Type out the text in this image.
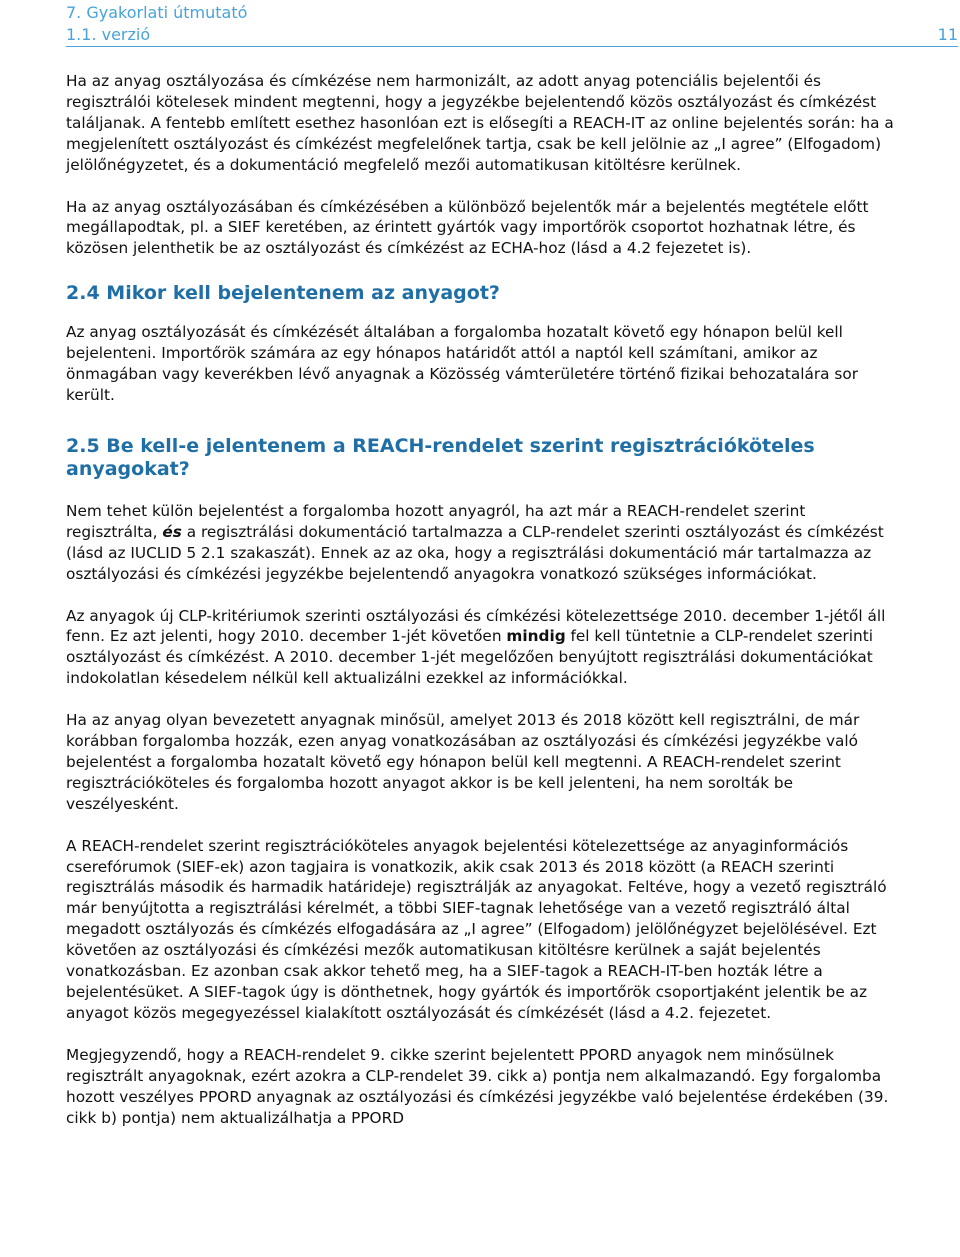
7. Gyakorlati útmutató
1.1. verzió	11

Ha az anyag osztályozása és címkézése nem harmonizált, az adott anyag potenciális bejelentői és regisztrálói kötelesek mindent megtenni, hogy a jegyzékbe bejelentendő közös osztályozást és címkézést találjanak. A fentebb említett esethez hasonlóan ezt is elősegíti a REACH-IT az online bejelentés során: ha a megjelenített osztályozást és címkézést megfelelőnek tartja, csak be kell jelölnie az „I agree” (Elfogadom) jelölőnégyzetet, és a dokumentáció megfelelő mezői automatikusan kitöltésre kerülnek.

Ha az anyag osztályozásában és címkézésében a különböző bejelentők már a bejelentés megtétele előtt megállapodtak, pl. a SIEF keretében, az érintett gyártók vagy importőrök csoportot hozhatnak létre, és közösen jelenthetik be az osztályozást és címkézést az ECHA-hoz (lásd a 4.2 fejezetet is).

2.4 Mikor kell bejelentenem az anyagot?

Az anyag osztályozását és címkézését általában a forgalomba hozatalt követő egy hónapon belül kell bejelenteni. Importőrök számára az egy hónapos határidőt attól a naptól kell számítani, amikor az önmagában vagy keverékben lévő anyagnak a Közösség vámterületére történő fizikai behozatalára sor került.

2.5 Be kell-e jelentenem a REACH-rendelet szerint regisztrációköteles anyagokat?

Nem tehet külön bejelentést a forgalomba hozott anyagról, ha azt már a REACH-rendelet szerint regisztrálta, és a regisztrálási dokumentáció tartalmazza a CLP-rendelet szerinti osztályozást és címkézést (lásd az IUCLID 5 2.1 szakaszát). Ennek az az oka, hogy a regisztrálási dokumentáció már tartalmazza az osztályozási és címkézési jegyzékbe bejelentendő anyagokra vonatkozó szükséges információkat.

Az anyagok új CLP-kritériumok szerinti osztályozási és címkézési kötelezettsége 2010. december 1-jétől áll fenn. Ez azt jelenti, hogy 2010. december 1-jét követően mindig fel kell tüntetnie a CLP-rendelet szerinti osztályozást és címkézést. A 2010. december 1-jét megelőzően benyújtott regisztrálási dokumentációkat indokolatlan késedelem nélkül kell aktualizálni ezekkel az információkkal.

Ha az anyag olyan bevezetett anyagnak minősül, amelyet 2013 és 2018 között kell regisztrálni, de már korábban forgalomba hozzák, ezen anyag vonatkozásában az osztályozási és címkézési jegyzékbe való bejelentést a forgalomba hozatalt követő egy hónapon belül kell megtenni. A REACH-rendelet szerint regisztrációköteles és forgalomba hozott anyagot akkor is be kell jelenteni, ha nem sorolták be veszélyesként.

A REACH-rendelet szerint regisztrációköteles anyagok bejelentési kötelezettsége az anyaginformációs cserefórumok (SIEF-ek) azon tagjaira is vonatkozik, akik csak 2013 és 2018 között (a REACH szerinti regisztrálás második és harmadik határideje) regisztrálják az anyagokat. Feltéve, hogy a vezető regisztráló már benyújtotta a regisztrálási kérelmét, a többi SIEF-tagnak lehetősége van a vezető regisztráló által megadott osztályozás és címkézés elfogadására az „I agree” (Elfogadom) jelölőnégyzet bejelölésével. Ezt követően az osztályozási és címkézési mezők automatikusan kitöltésre kerülnek a saját bejelentés vonatkozásban. Ez azonban csak akkor tehető meg, ha a SIEF-tagok a REACH-IT-ben hozták létre a bejelentésüket. A SIEF-tagok úgy is dönthetnek, hogy gyártók és importőrök csoportjaként jelentik be az anyagot közös megegyezéssel kialakított osztályozását és címkézését (lásd a 4.2. fejezetet.

Megjegyzendő, hogy a REACH-rendelet 9. cikke szerint bejelentett PPORD anyagok nem minősülnek regisztrált anyagoknak, ezért azokra a CLP-rendelet 39. cikk a) pontja nem alkalmazandó. Egy forgalomba hozott veszélyes PPORD anyagnak az osztályozási és címkézési jegyzékbe való bejelentése érdekében (39. cikk b) pontja) nem aktualizálhatja a PPORD
